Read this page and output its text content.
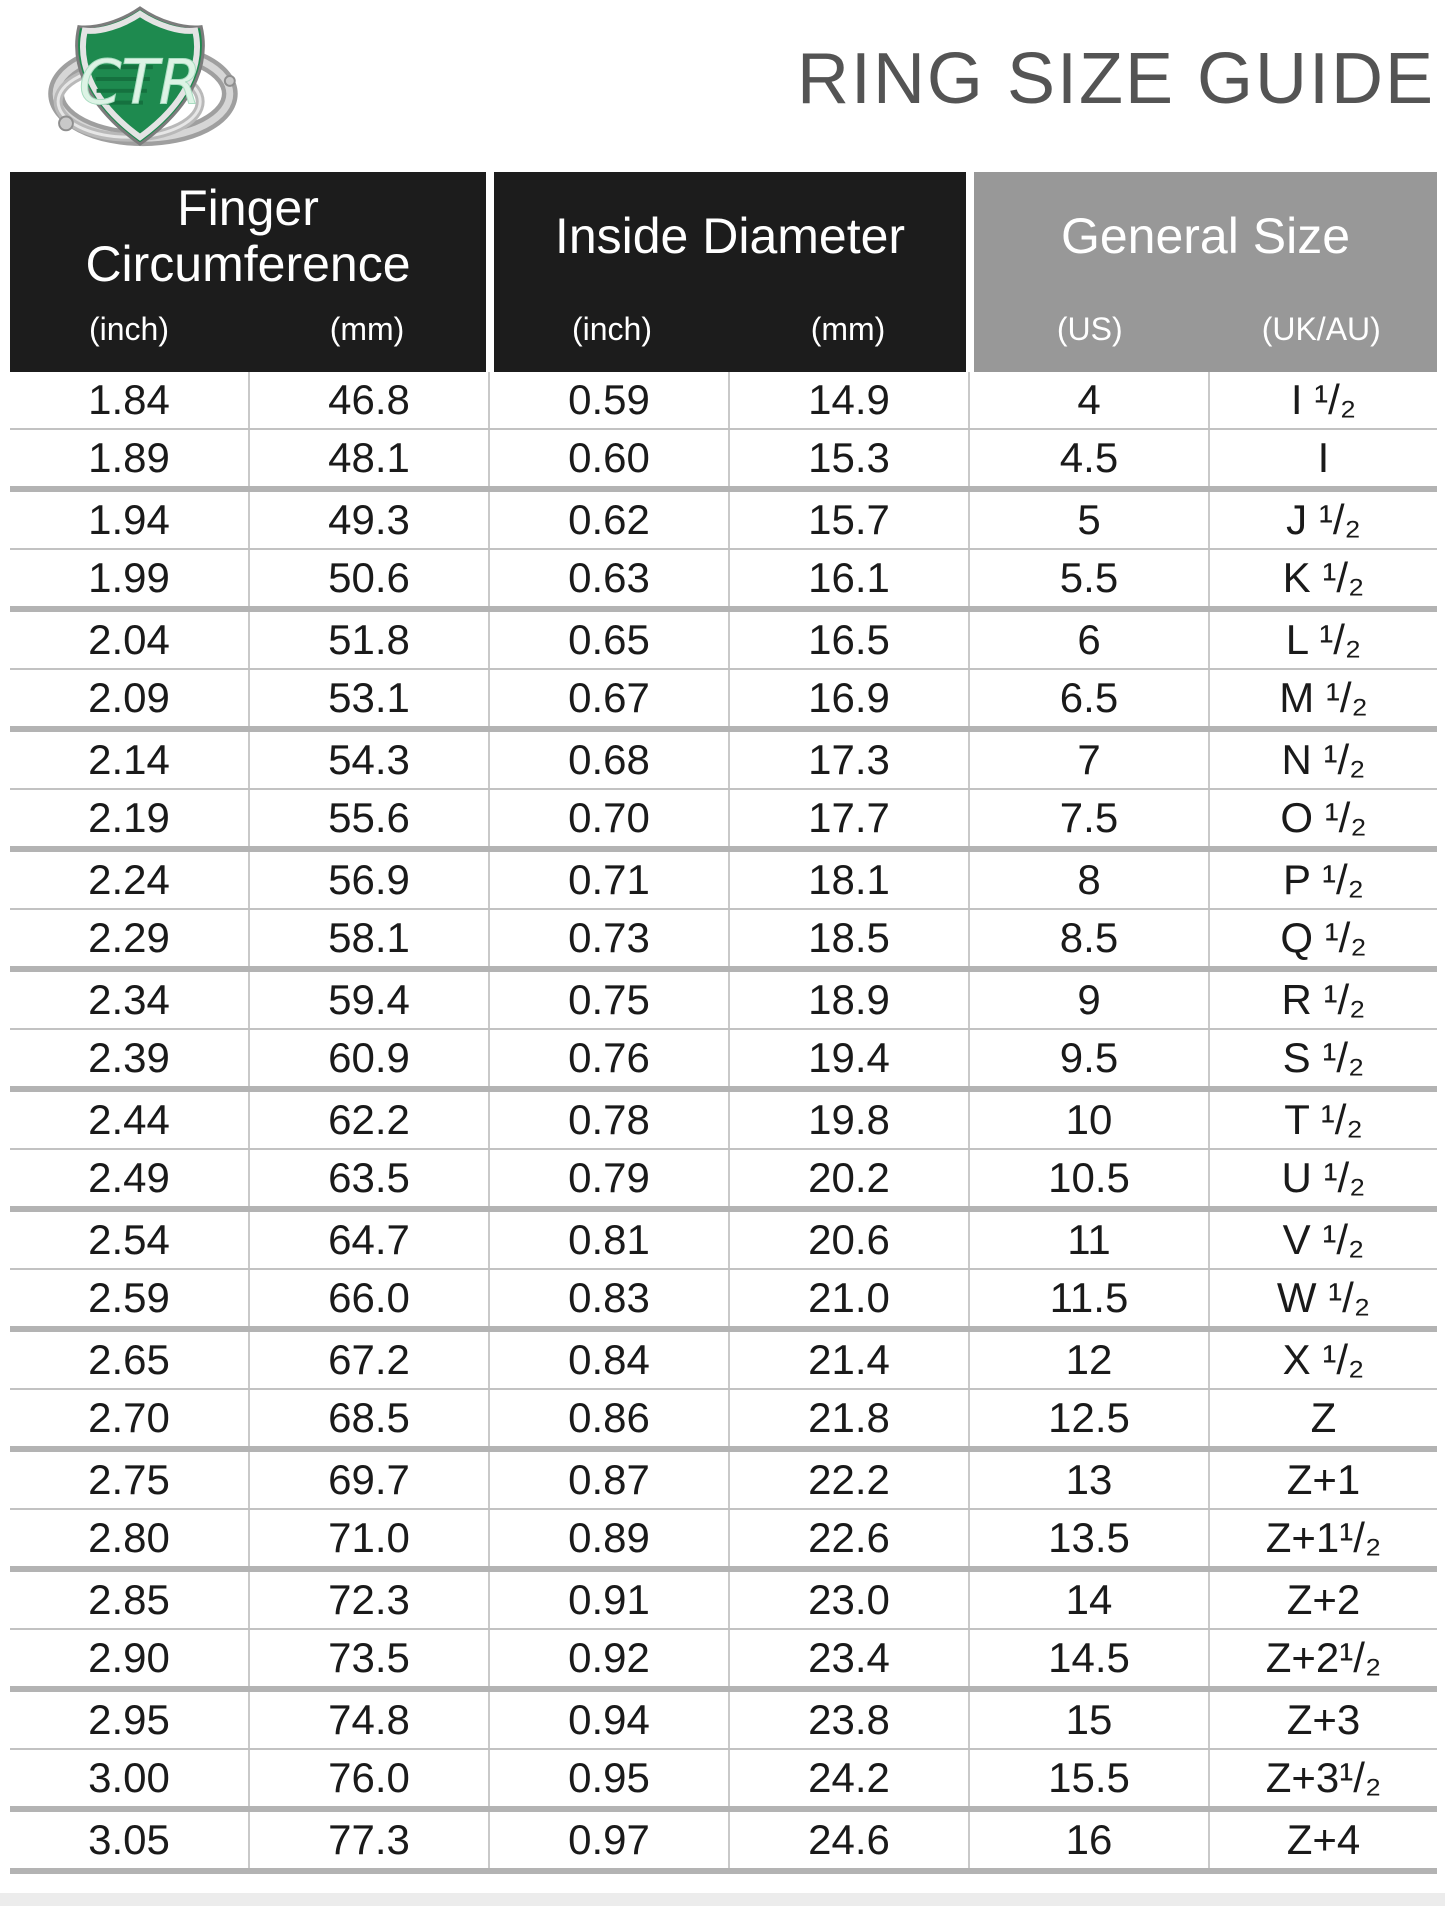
CTR	RING SIZE GUIDE
Finger Circumference
(inch)	(mm)
Inside Diameter
(inch)	(mm)
General Size
(US)	(UK/AU)
1.84	46.8	0.59	14.9	4	I ¹/₂
1.89	48.1	0.60	15.3	4.5	I
1.94	49.3	0.62	15.7	5	J ¹/₂
1.99	50.6	0.63	16.1	5.5	K ¹/₂
2.04	51.8	0.65	16.5	6	L ¹/₂
2.09	53.1	0.67	16.9	6.5	M ¹/₂
2.14	54.3	0.68	17.3	7	N ¹/₂
2.19	55.6	0.70	17.7	7.5	O ¹/₂
2.24	56.9	0.71	18.1	8	P ¹/₂
2.29	58.1	0.73	18.5	8.5	Q ¹/₂
2.34	59.4	0.75	18.9	9	R ¹/₂
2.39	60.9	0.76	19.4	9.5	S ¹/₂
2.44	62.2	0.78	19.8	10	T ¹/₂
2.49	63.5	0.79	20.2	10.5	U ¹/₂
2.54	64.7	0.81	20.6	11	V ¹/₂
2.59	66.0	0.83	21.0	11.5	W ¹/₂
2.65	67.2	0.84	21.4	12	X ¹/₂
2.70	68.5	0.86	21.8	12.5	Z
2.75	69.7	0.87	22.2	13	Z+1
2.80	71.0	0.89	22.6	13.5	Z+1¹/₂
2.85	72.3	0.91	23.0	14	Z+2
2.90	73.5	0.92	23.4	14.5	Z+2¹/₂
2.95	74.8	0.94	23.8	15	Z+3
3.00	76.0	0.95	24.2	15.5	Z+3¹/₂
3.05	77.3	0.97	24.6	16	Z+4
